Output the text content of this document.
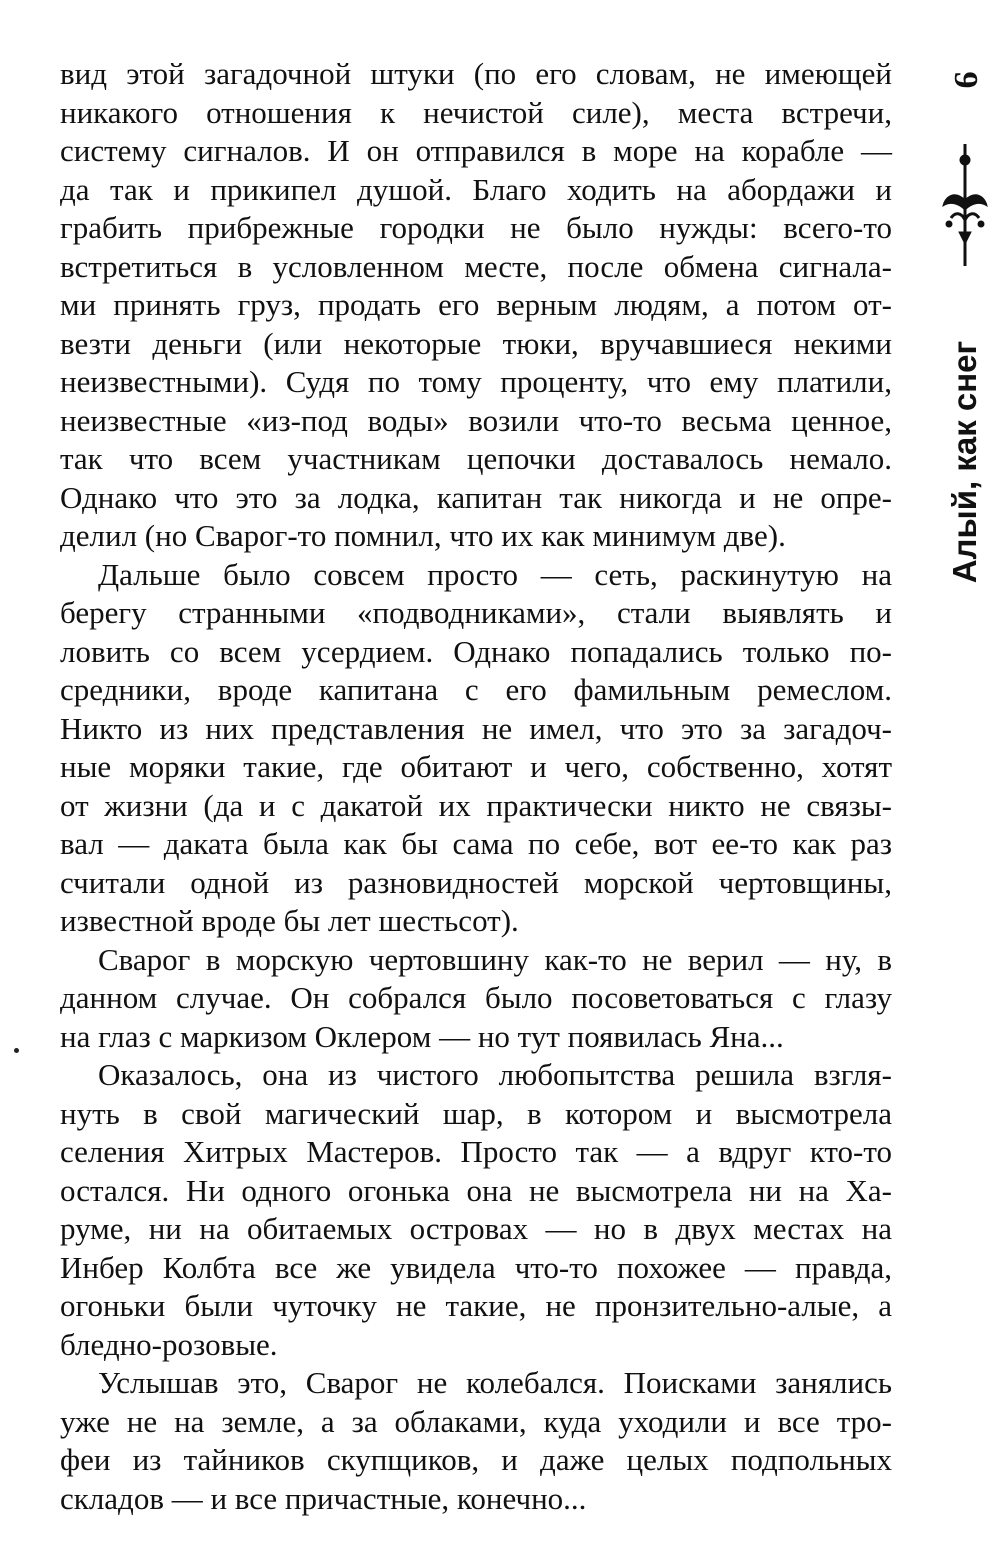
вид этой загадочной штуки (по его словам, не имеющей
никакого отношения к нечистой силе), места встречи,
систему сигналов. И он отправился в море на корабле —
да так и прикипел душой. Благо ходить на абордажи и
грабить прибрежные городки не было нужды: всего-то
встретиться в условленном месте, после обмена сигнала-
ми принять груз, продать его верным людям, а потом от-
везти деньги (или некоторые тюки, вручавшиеся некими
неизвестными). Судя по тому проценту, что ему платили,
неизвестные «из-под воды» возили что-то весьма ценное,
так что всем участникам цепочки доставалось немало.
Однако что это за лодка, капитан так никогда и не опре-
делил (но Сварог-то помнил, что их как минимум две).
Дальше было совсем просто — сеть, раскинутую на
берегу странными «подводниками», стали выявлять и
ловить со всем усердием. Однако попадались только по-
средники, вроде капитана с его фамильным ремеслом.
Никто из них представления не имел, что это за загадоч-
ные моряки такие, где обитают и чего, собственно, хотят
от жизни (да и с дакатой их практически никто не связы-
вал — даката была как бы сама по себе, вот ее-то как раз
считали одной из разновидностей морской чертовщины,
известной вроде бы лет шестьсот).
Сварог в морскую чертовшину как-то не верил — ну, в
данном случае. Он собрался было посоветоваться с глазу
на глаз с маркизом Оклером — но тут появилась Яна...
Оказалось, она из чистого любопытства решила взгля-
нуть в свой магический шар, в котором и высмотрела
селения Хитрых Мастеров. Просто так — а вдруг кто-то
остался. Ни одного огонька она не высмотрела ни на Ха-
руме, ни на обитаемых островах — но в двух местах на
Инбер Колбта все же увидела что-то похожее — правда,
огоньки были чуточку не такие, не пронзительно-алые, а
бледно-розовые.
Услышав это, Сварог не колебался. Поисками занялись
уже не на земле, а за облаками, куда уходили и все тро-
феи из тайников скупщиков, и даже целых подпольных
складов — и все причастные, конечно...
9
Алый, как снег
